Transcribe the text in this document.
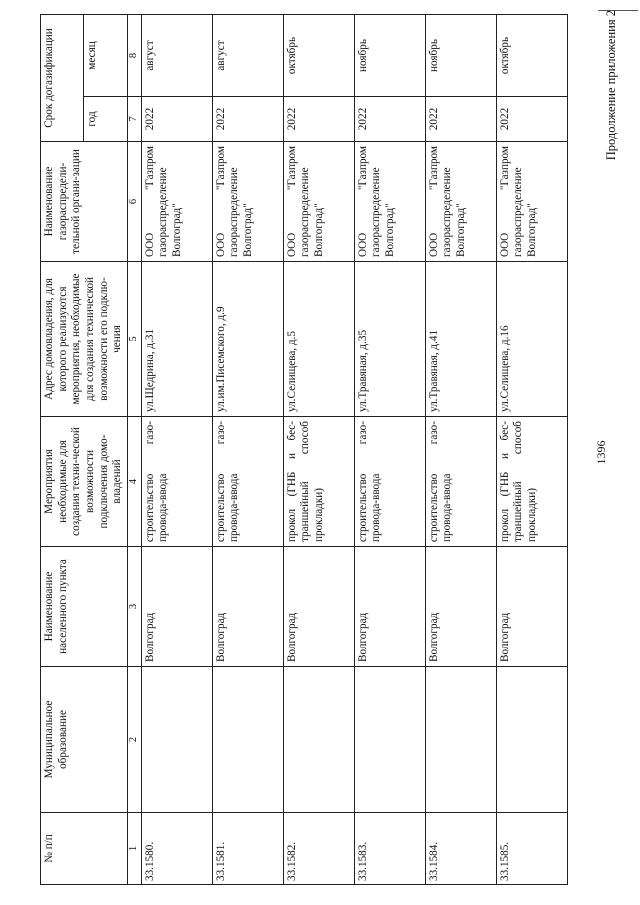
1396
Продолжение приложения 2
№ п/п	Муниципальное образование	Наименование населенного пункта	Мероприятия необходимые для создания техни-ческой возможности подключения домо-владений	Адрес домовладения, для которого реализуются мероприятия, необходимые для создания технической возможности его подклю-чения	Наименование газораспредели-тельной органи-зации	Срок догазификации	
						год	месяц
1	2	3	4	5	6	7	8
33.1580.		Волгоград	строительство газо-провода-ввода	ул.Щедрина, д.31	ООО "Газпром газораспределение Волгоград"	2022	август
33.1581.		Волгоград	строительство газо-провода-ввода	ул.им.Писемского, д.9	ООО "Газпром газораспределение Волгоград"	2022	август
33.1582.		Волгоград	прокол (ГНБ и бес-траншейный способ прокладки)	ул.Селищева, д.5	ООО "Газпром газораспределение Волгоград"	2022	октябрь
33.1583.		Волгоград	строительство газо-провода-ввода	ул.Травяная, д.35	ООО "Газпром газораспределение Волгоград"	2022	ноябрь
33.1584.		Волгоград	строительство газо-провода-ввода	ул.Травяная, д.41	ООО "Газпром газораспределение Волгоград"	2022	ноябрь
33.1585.		Волгоград	прокол (ГНБ и бес-траншейный способ прокладки)	ул.Селищева, д.16	ООО "Газпром газораспределение Волгоград"	2022	октябрь
